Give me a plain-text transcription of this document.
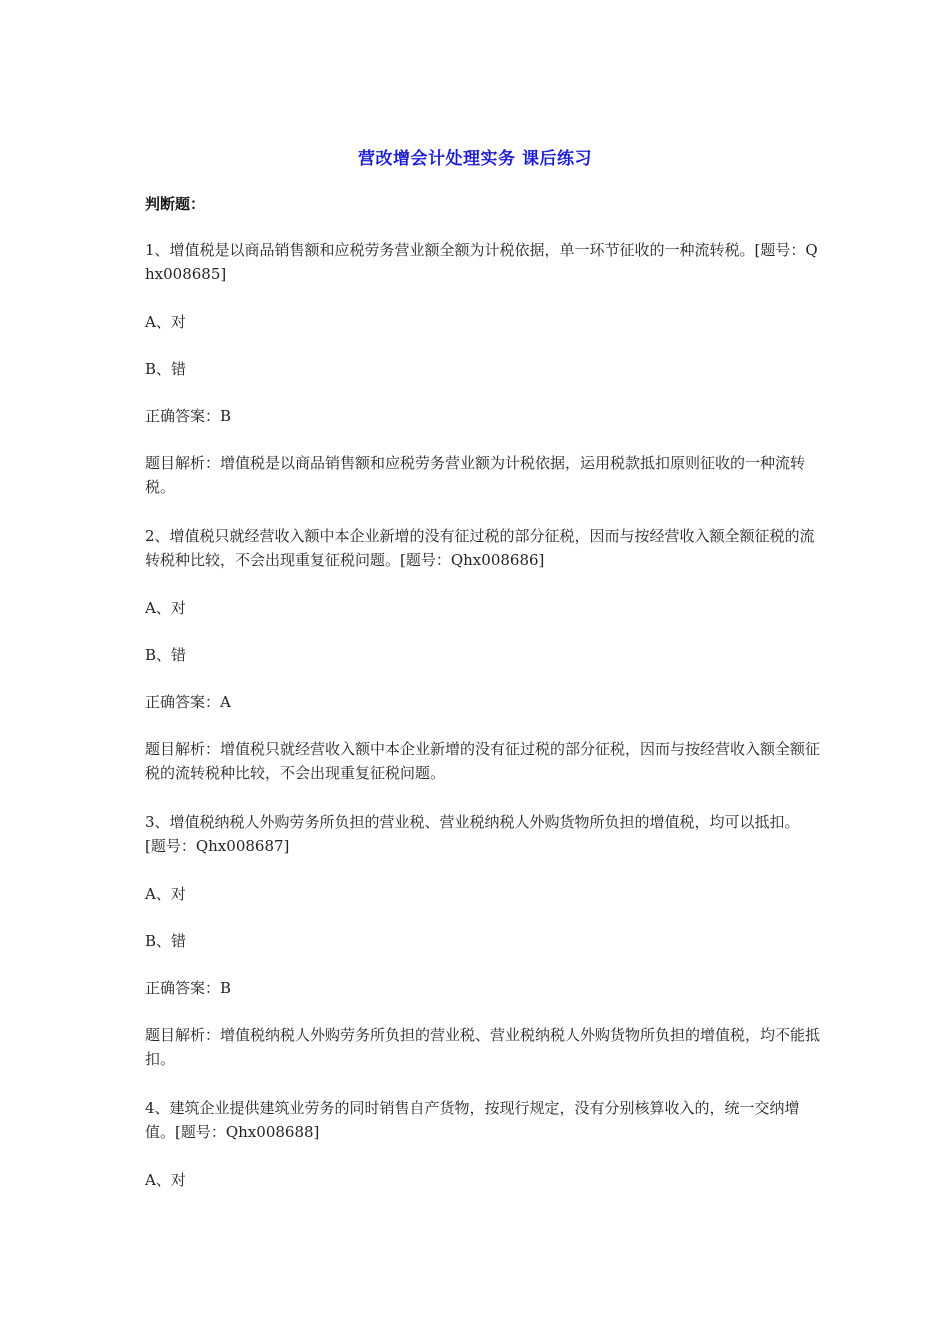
营改增会计处理实务 课后练习
判断题：
1、增值税是以商品销售额和应税劳务营业额全额为计税依据，单一环节征收的一种流转税。[题号：Qhx008685]
A、对
B、错
正确答案：B
题目解析：增值税是以商品销售额和应税劳务营业额为计税依据，运用税款抵扣原则征收的一种流转税。
2、增值税只就经营收入额中本企业新增的没有征过税的部分征税，因而与按经营收入额全额征税的流转税种比较，不会出现重复征税问题。[题号：Qhx008686]
A、对
B、错
正确答案：A
题目解析：增值税只就经营收入额中本企业新增的没有征过税的部分征税，因而与按经营收入额全额征税的流转税种比较，不会出现重复征税问题。
3、增值税纳税人外购劳务所负担的营业税、营业税纳税人外购货物所负担的增值税，均可以抵扣。[题号：Qhx008687]
A、对
B、错
正确答案：B
题目解析：增值税纳税人外购劳务所负担的营业税、营业税纳税人外购货物所负担的增值税，均不能抵扣。
4、建筑企业提供建筑业劳务的同时销售自产货物，按现行规定，没有分别核算收入的，统一交纳增值。[题号：Qhx008688]
A、对
